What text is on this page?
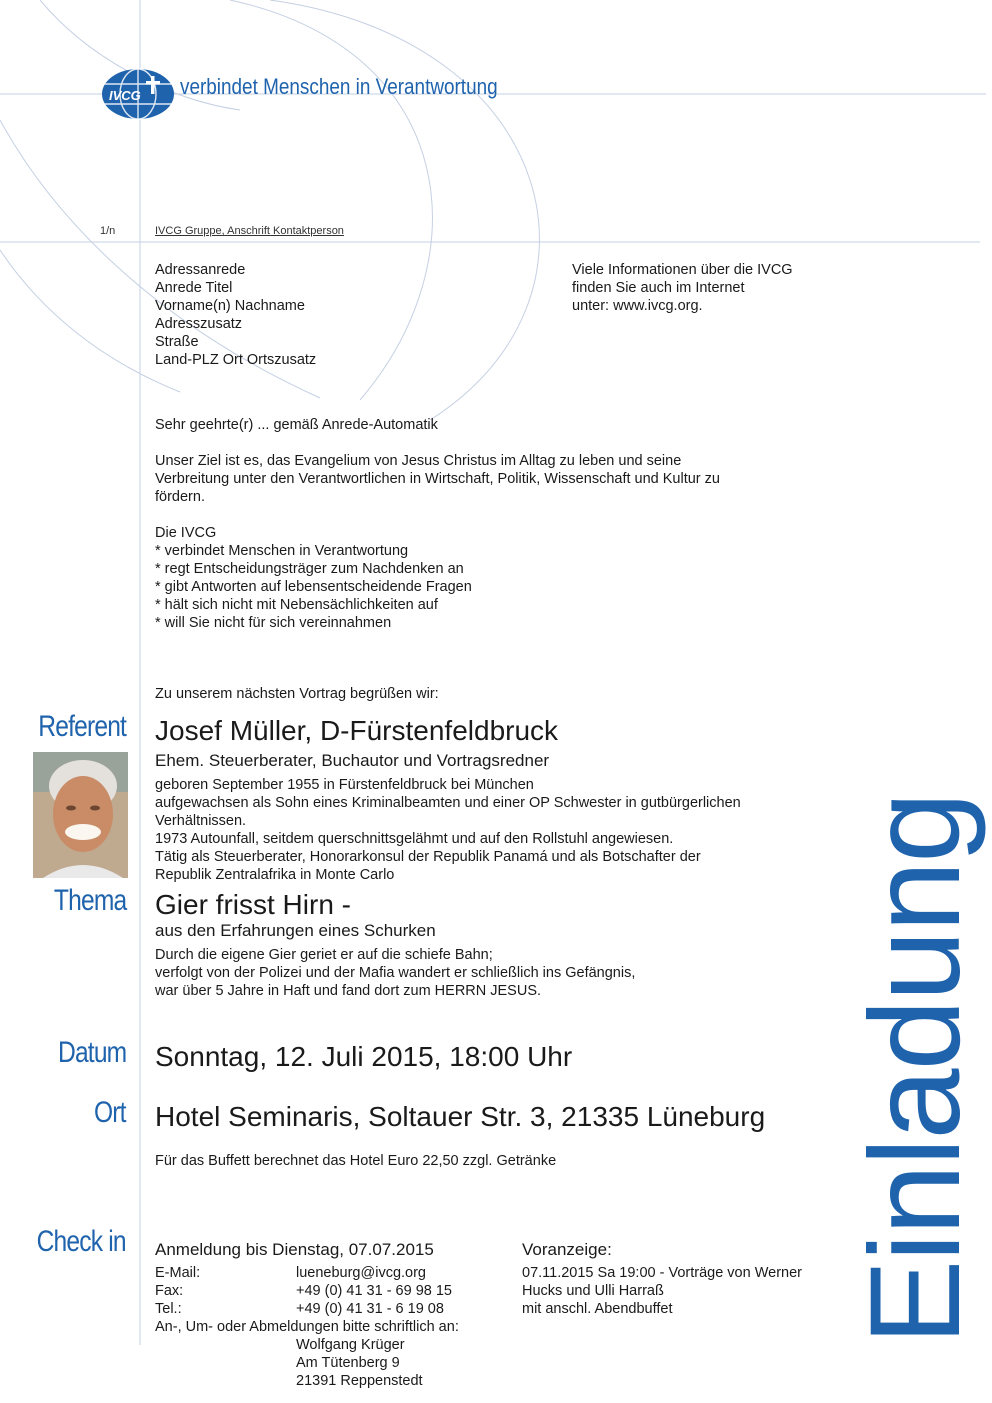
IVCG verbindet Menschen in Verantwortung
1/n	IVCG Gruppe, Anschrift Kontaktperson
Adressanrede
Anrede Titel
Vorname(n) Nachname
Adresszusatz
Straße
Land-PLZ Ort Ortszusatz
Viele Informationen über die IVCG
finden Sie auch im Internet
unter: www.ivcg.org.
Sehr geehrte(r) ... gemäß Anrede-Automatik
Unser Ziel ist es, das Evangelium von Jesus Christus im Alltag zu leben und seine
Verbreitung unter den Verantwortlichen in Wirtschaft, Politik, Wissenschaft und Kultur zu
fördern.
Die IVCG
* verbindet Menschen in Verantwortung
* regt Entscheidungsträger zum Nachdenken an
* gibt Antworten auf lebensentscheidende Fragen
* hält sich nicht mit Nebensächlichkeiten auf
* will Sie nicht für sich vereinnahmen
Zu unserem nächsten Vortrag begrüßen wir:
Referent
Thema
Datum
Ort
Check in
Josef Müller, D-Fürstenfeldbruck
Ehem. Steuerberater, Buchautor und Vortragsredner
geboren September 1955 in Fürstenfeldbruck bei München
aufgewachsen als Sohn eines Kriminalbeamten und einer OP Schwester in gutbürgerlichen
Verhältnissen.
1973 Autounfall, seitdem querschnittsgelähmt und auf den Rollstuhl angewiesen.
Tätig als Steuerberater, Honorarkonsul der Republik Panamá und als Botschafter der
Republik Zentralafrika in Monte Carlo
Gier frisst Hirn -
aus den Erfahrungen eines Schurken
Durch die eigene Gier geriet er auf die schiefe Bahn;
verfolgt von der Polizei und der Mafia wandert er schließlich ins Gefängnis,
war über 5 Jahre in Haft und fand dort zum HERRN JESUS.
Sonntag, 12. Juli 2015, 18:00 Uhr
Hotel Seminaris, Soltauer Str. 3, 21335 Lüneburg
Für das Buffett berechnet das Hotel Euro 22,50 zzgl. Getränke
Anmeldung bis Dienstag, 07.07.2015
E-Mail:
Fax:
Tel.:
lueneburg@ivcg.org
+49 (0) 41 31 - 69 98 15
+49 (0) 41 31 - 6 19 08
An-, Um- oder Abmeldungen bitte schriftlich an:
Wolfgang Krüger
Am Tütenberg 9
21391 Reppenstedt
Voranzeige:
07.11.2015 Sa 19:00 - Vorträge von Werner
Hucks und Ulli Harraß
mit anschl. Abendbuffet	Einladung
